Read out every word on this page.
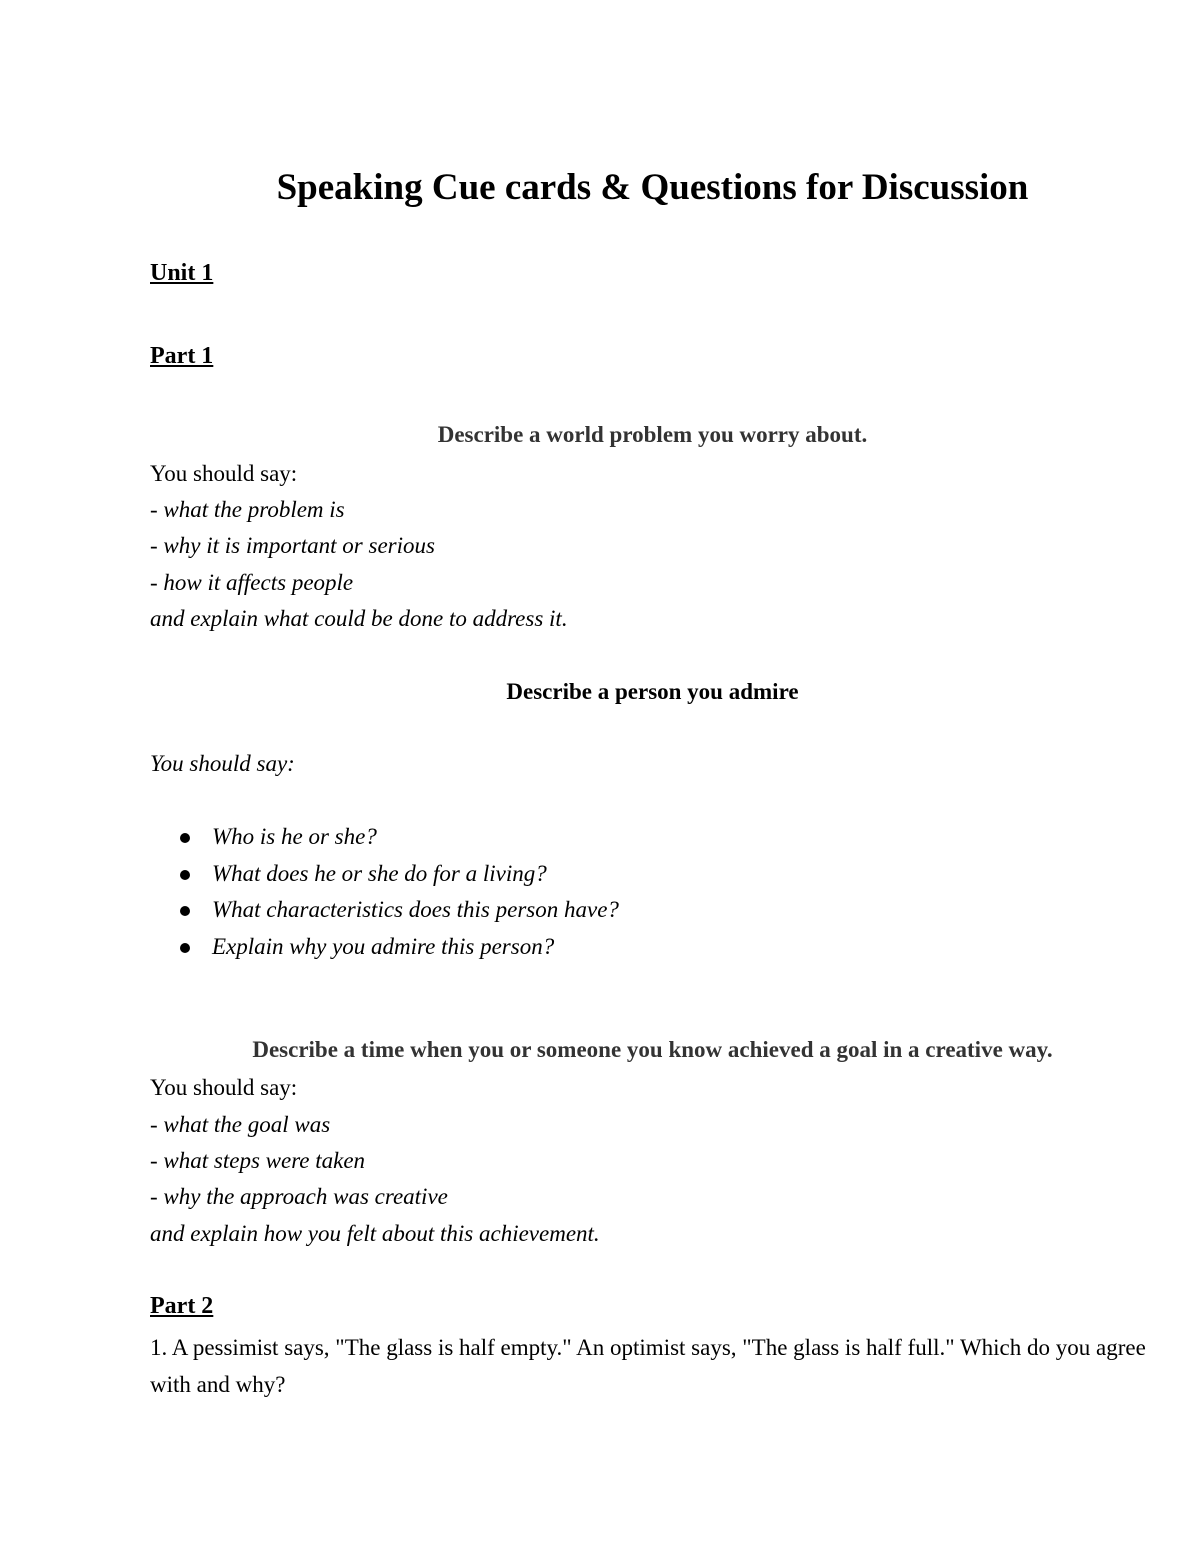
Speaking Cue cards & Questions for Discussion

Unit 1

Part 1

Describe a world problem you worry about.

You should say:

- what the problem is

- why it is important or serious

- how it affects people

and explain what could be done to address it.

Describe a person you admire

You should say:

Who is he or she?
What does he or she do for a living?
What characteristics does this person have?
Explain why you admire this person?

Describe a time when you or someone you know achieved a goal in a creative way.

You should say:

- what the goal was

- what steps were taken

- why the approach was creative

and explain how you felt about this achievement.

Part 2

1. A pessimist says, "The glass is half empty." An optimist says, "The glass is half full." Which do you agree with and why?
